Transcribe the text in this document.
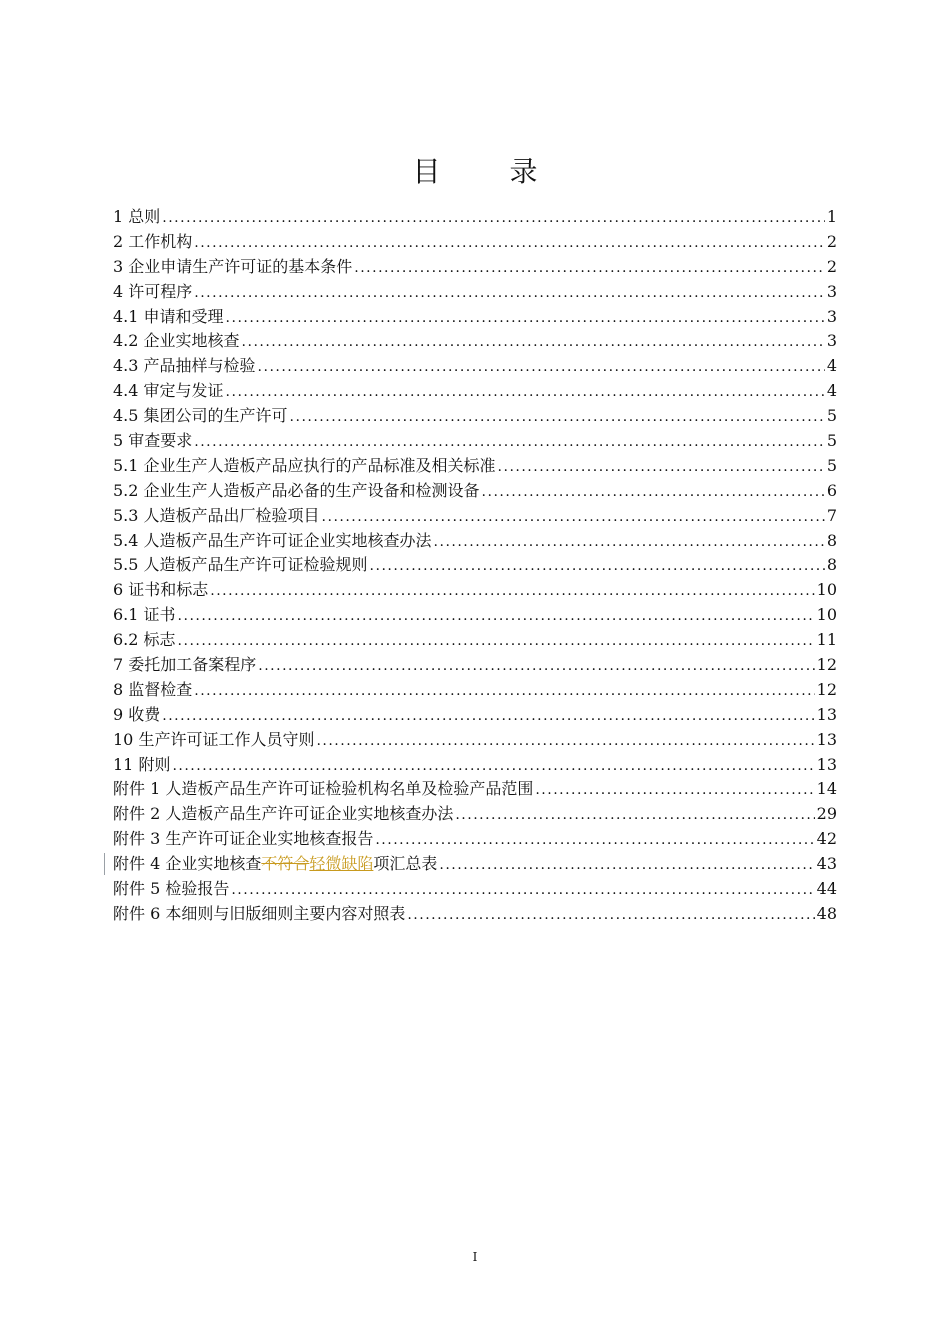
目 录
1 总则 .....	1
2 工作机构 .....	2
3 企业申请生产许可证的基本条件 .....	2
4 许可程序 .....	3
4.1 申请和受理 .....	3
4.2 企业实地核查 .....	3
4.3 产品抽样与检验 .....	4
4.4 审定与发证 .....	4
4.5 集团公司的生产许可 .....	5
5 审查要求 .....	5
5.1 企业生产人造板产品应执行的产品标准及相关标准 .....	5
5.2 企业生产人造板产品必备的生产设备和检测设备 .....	6
5.3 人造板产品出厂检验项目 .....	7
5.4 人造板产品生产许可证企业实地核查办法 .....	8
5.5 人造板产品生产许可证检验规则 .....	8
6 证书和标志 .....	10
6.1 证书 .....	10
6.2 标志 .....	11
7 委托加工备案程序 .....	12
8 监督检查 .....	12
9 收费 .....	13
10 生产许可证工作人员守则 .....	13
11 附则 .....	13
附件 1 人造板产品生产许可证检验机构名单及检验产品范围 .....	14
附件 2 人造板产品生产许可证企业实地核查办法 .....	29
附件 3 生产许可证企业实地核查报告 .....	42
附件 4 企业实地核查不符合轻微缺陷项汇总表 .....	43
附件 5 检验报告 .....	44
附件 6 本细则与旧版细则主要内容对照表 .....	48
I
